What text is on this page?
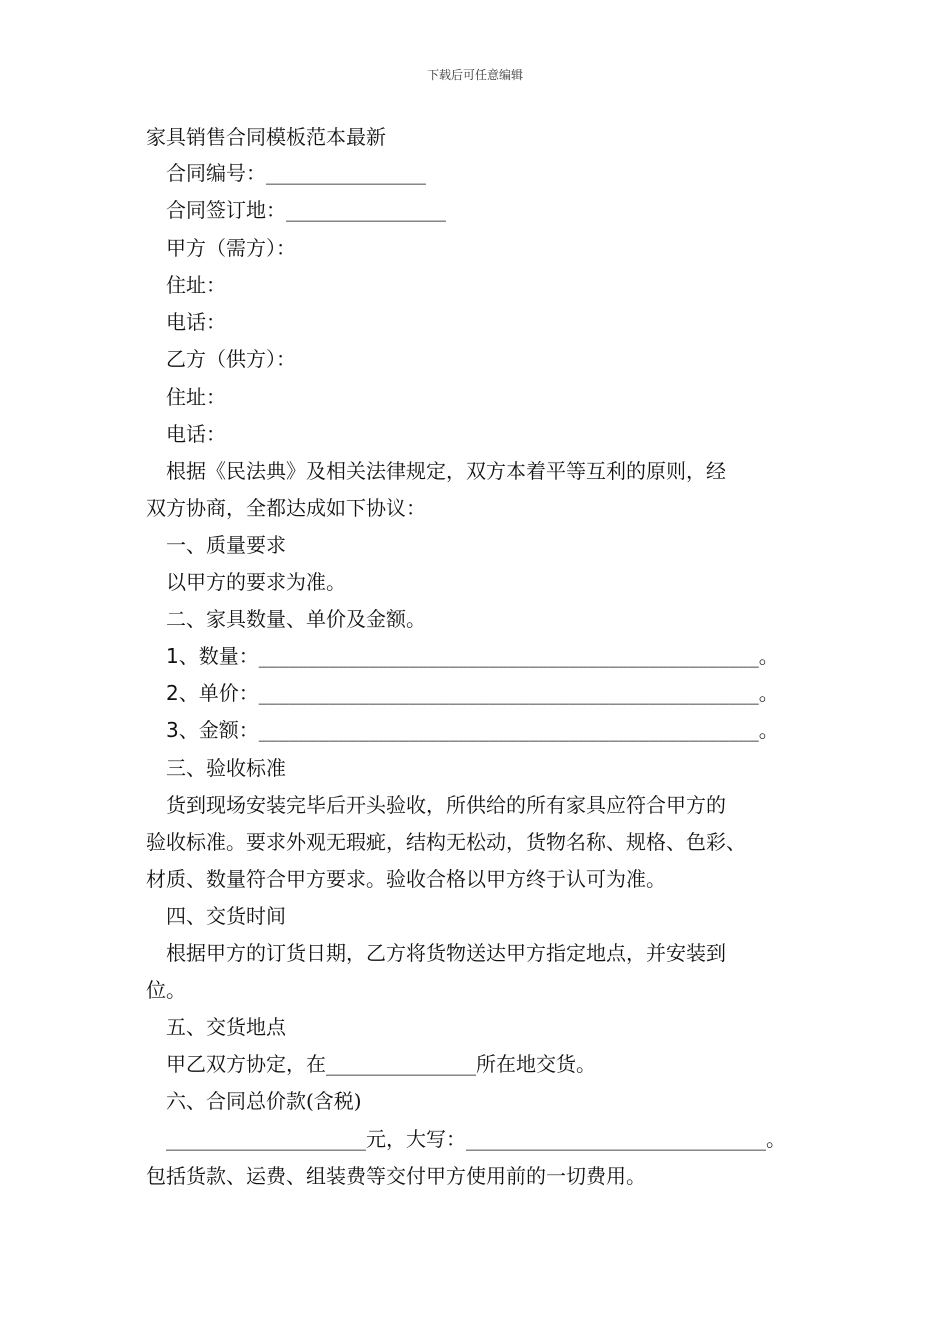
下载后可任意编辑
家具销售合同模板范本最新
合同编号：________________
合同签订地：________________
甲方（需方）：
住址：
电话：
乙方（供方）：
住址：
电话：
根据《民法典》及相关法律规定，双方本着平等互利的原则，经
双方协商，全都达成如下协议：
一、质量要求
以甲方的要求为准。
二、家具数量、单价及金额。
1、数量：__________________________________________________。
2、单价：__________________________________________________。
3、金额：__________________________________________________。
三、验收标准
货到现场安装完毕后开头验收，所供给的所有家具应符合甲方的
验收标准。要求外观无瑕疵，结构无松动，货物名称、规格、色彩、
材质、数量符合甲方要求。验收合格以甲方终于认可为准。
四、交货时间
根据甲方的订货日期，乙方将货物送达甲方指定地点，并安装到
位。
五、交货地点
甲乙双方协定，在_______________所在地交货。
六、合同总价款(含税)
____________________元，大写：______________________________。
包括货款、运费、组装费等交付甲方使用前的一切费用。
